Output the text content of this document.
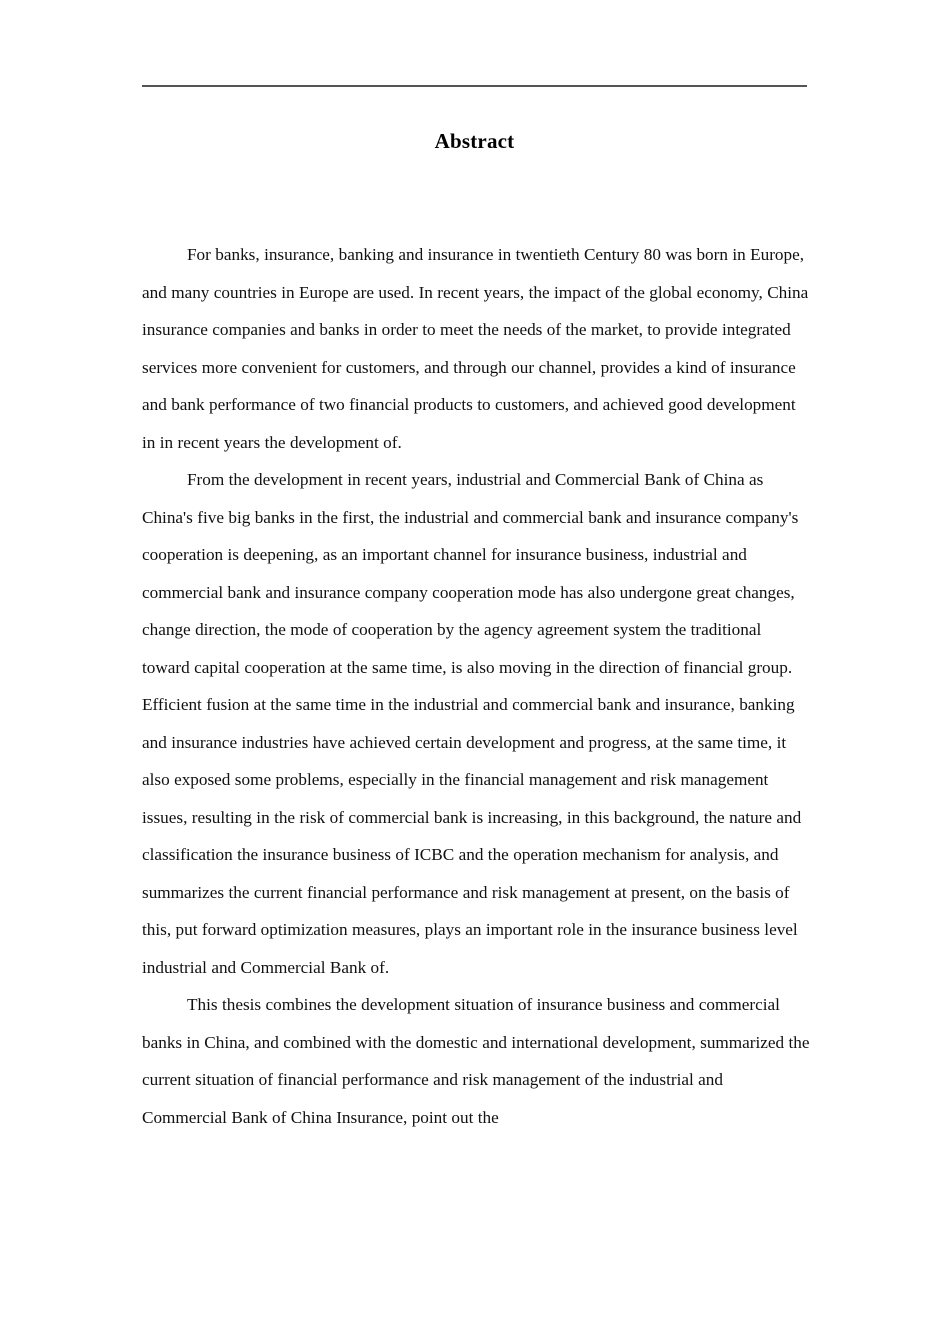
Abstract

For banks, insurance, banking and insurance in twentieth Century 80 was born in Europe, and many countries in Europe are used. In recent years, the impact of the global economy, China insurance companies and banks in order to meet the needs of the market, to provide integrated services more convenient for customers, and through our channel, provides a kind of insurance and bank performance of two financial products to customers, and achieved good development in in recent years the development of.

From the development in recent years, industrial and Commercial Bank of China as China's five big banks in the first, the industrial and commercial bank and insurance company's cooperation is deepening, as an important channel for insurance business, industrial and commercial bank and insurance company cooperation mode has also undergone great changes, change direction, the mode of cooperation by the agency agreement system the traditional toward capital cooperation at the same time, is also moving in the direction of financial group. Efficient fusion at the same time in the industrial and commercial bank and insurance, banking and insurance industries have achieved certain development and progress, at the same time, it also exposed some problems, especially in the financial management and risk management issues, resulting in the risk of commercial bank is increasing, in this background, the nature and classification the insurance business of ICBC and the operation mechanism for analysis, and summarizes the current financial performance and risk management at present, on the basis of this, put forward optimization measures, plays an important role in the insurance business level industrial and Commercial Bank of.

This thesis combines the development situation of insurance business and commercial banks in China, and combined with the domestic and international development, summarized the current situation of financial performance and risk management of the industrial and Commercial Bank of China Insurance, point out the
